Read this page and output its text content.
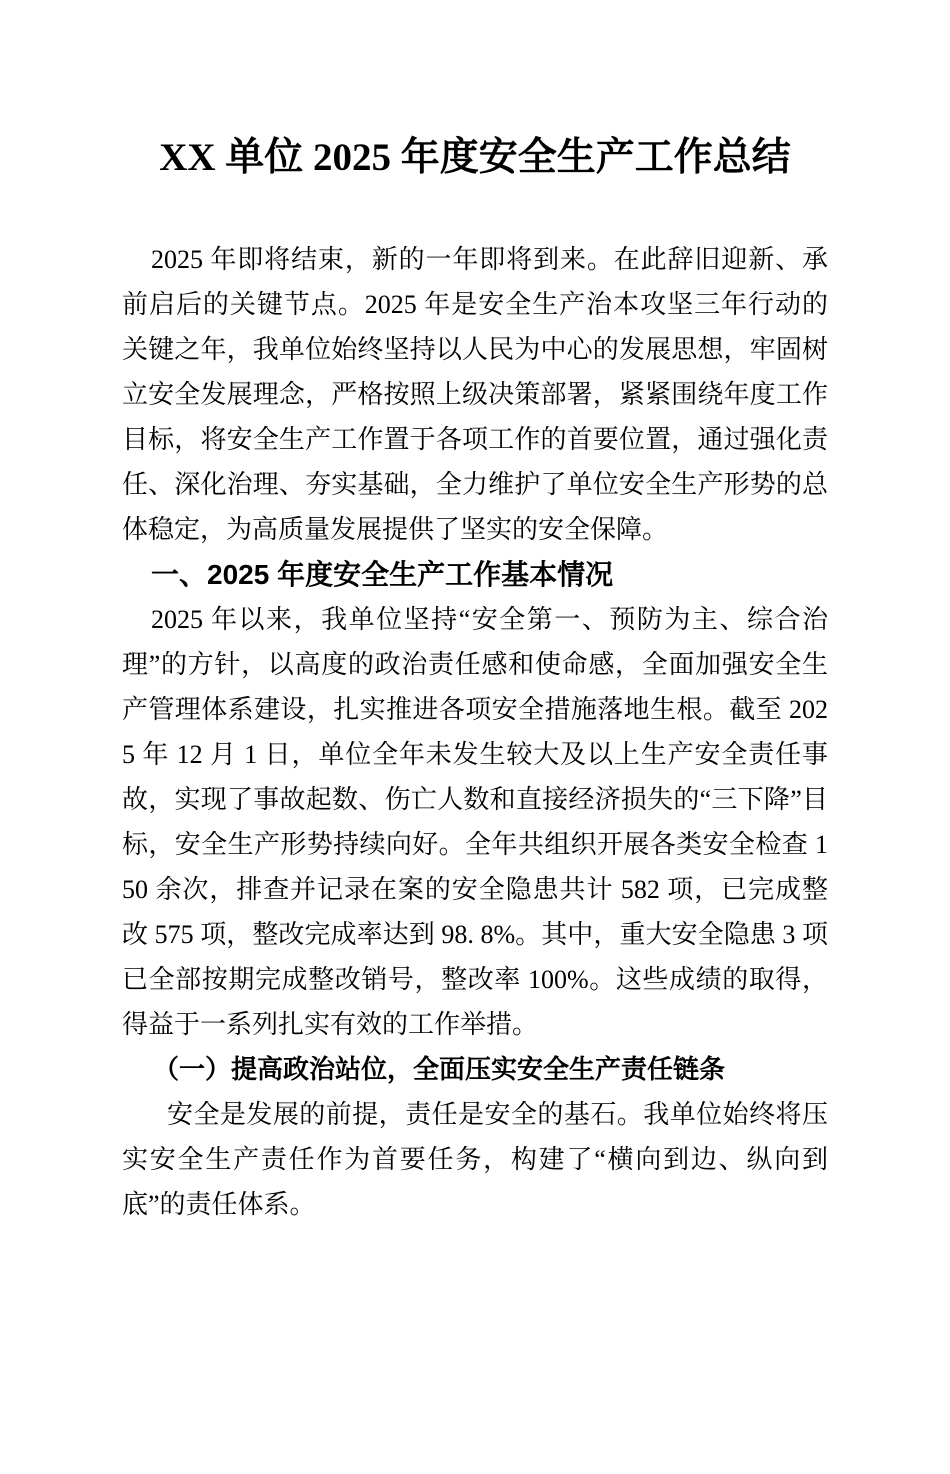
XX 单位 2025 年度安全生产工作总结

2025 年即将结束，新的一年即将到来。在此辞旧迎新、承前启后的关键节点。2025 年是安全生产治本攻坚三年行动的关键之年，我单位始终坚持以人民为中心的发展思想，牢固树立安全发展理念，严格按照上级决策部署，紧紧围绕年度工作目标，将安全生产工作置于各项工作的首要位置，通过强化责任、深化治理、夯实基础，全力维护了单位安全生产形势的总体稳定，为高质量发展提供了坚实的安全保障。

一、2025 年度安全生产工作基本情况

2025 年以来，我单位坚持“安全第一、预防为主、综合治理”的方针，以高度的政治责任感和使命感，全面加强安全生产管理体系建设，扎实推进各项安全措施落地生根。截至 2025 年 12 月 1 日，单位全年未发生较大及以上生产安全责任事故，实现了事故起数、伤亡人数和直接经济损失的“三下降”目标，安全生产形势持续向好。全年共组织开展各类安全检查 150 余次，排查并记录在案的安全隐患共计 582 项，已完成整改 575 项，整改完成率达到 98. 8%。其中，重大安全隐患 3 项已全部按期完成整改销号，整改率 100%。这些成绩的取得，得益于一系列扎实有效的工作举措。

（一）提高政治站位，全面压实安全生产责任链条

安全是发展的前提，责任是安全的基石。我单位始终将压实安全生产责任作为首要任务，构建了“横向到边、纵向到底”的责任体系。
